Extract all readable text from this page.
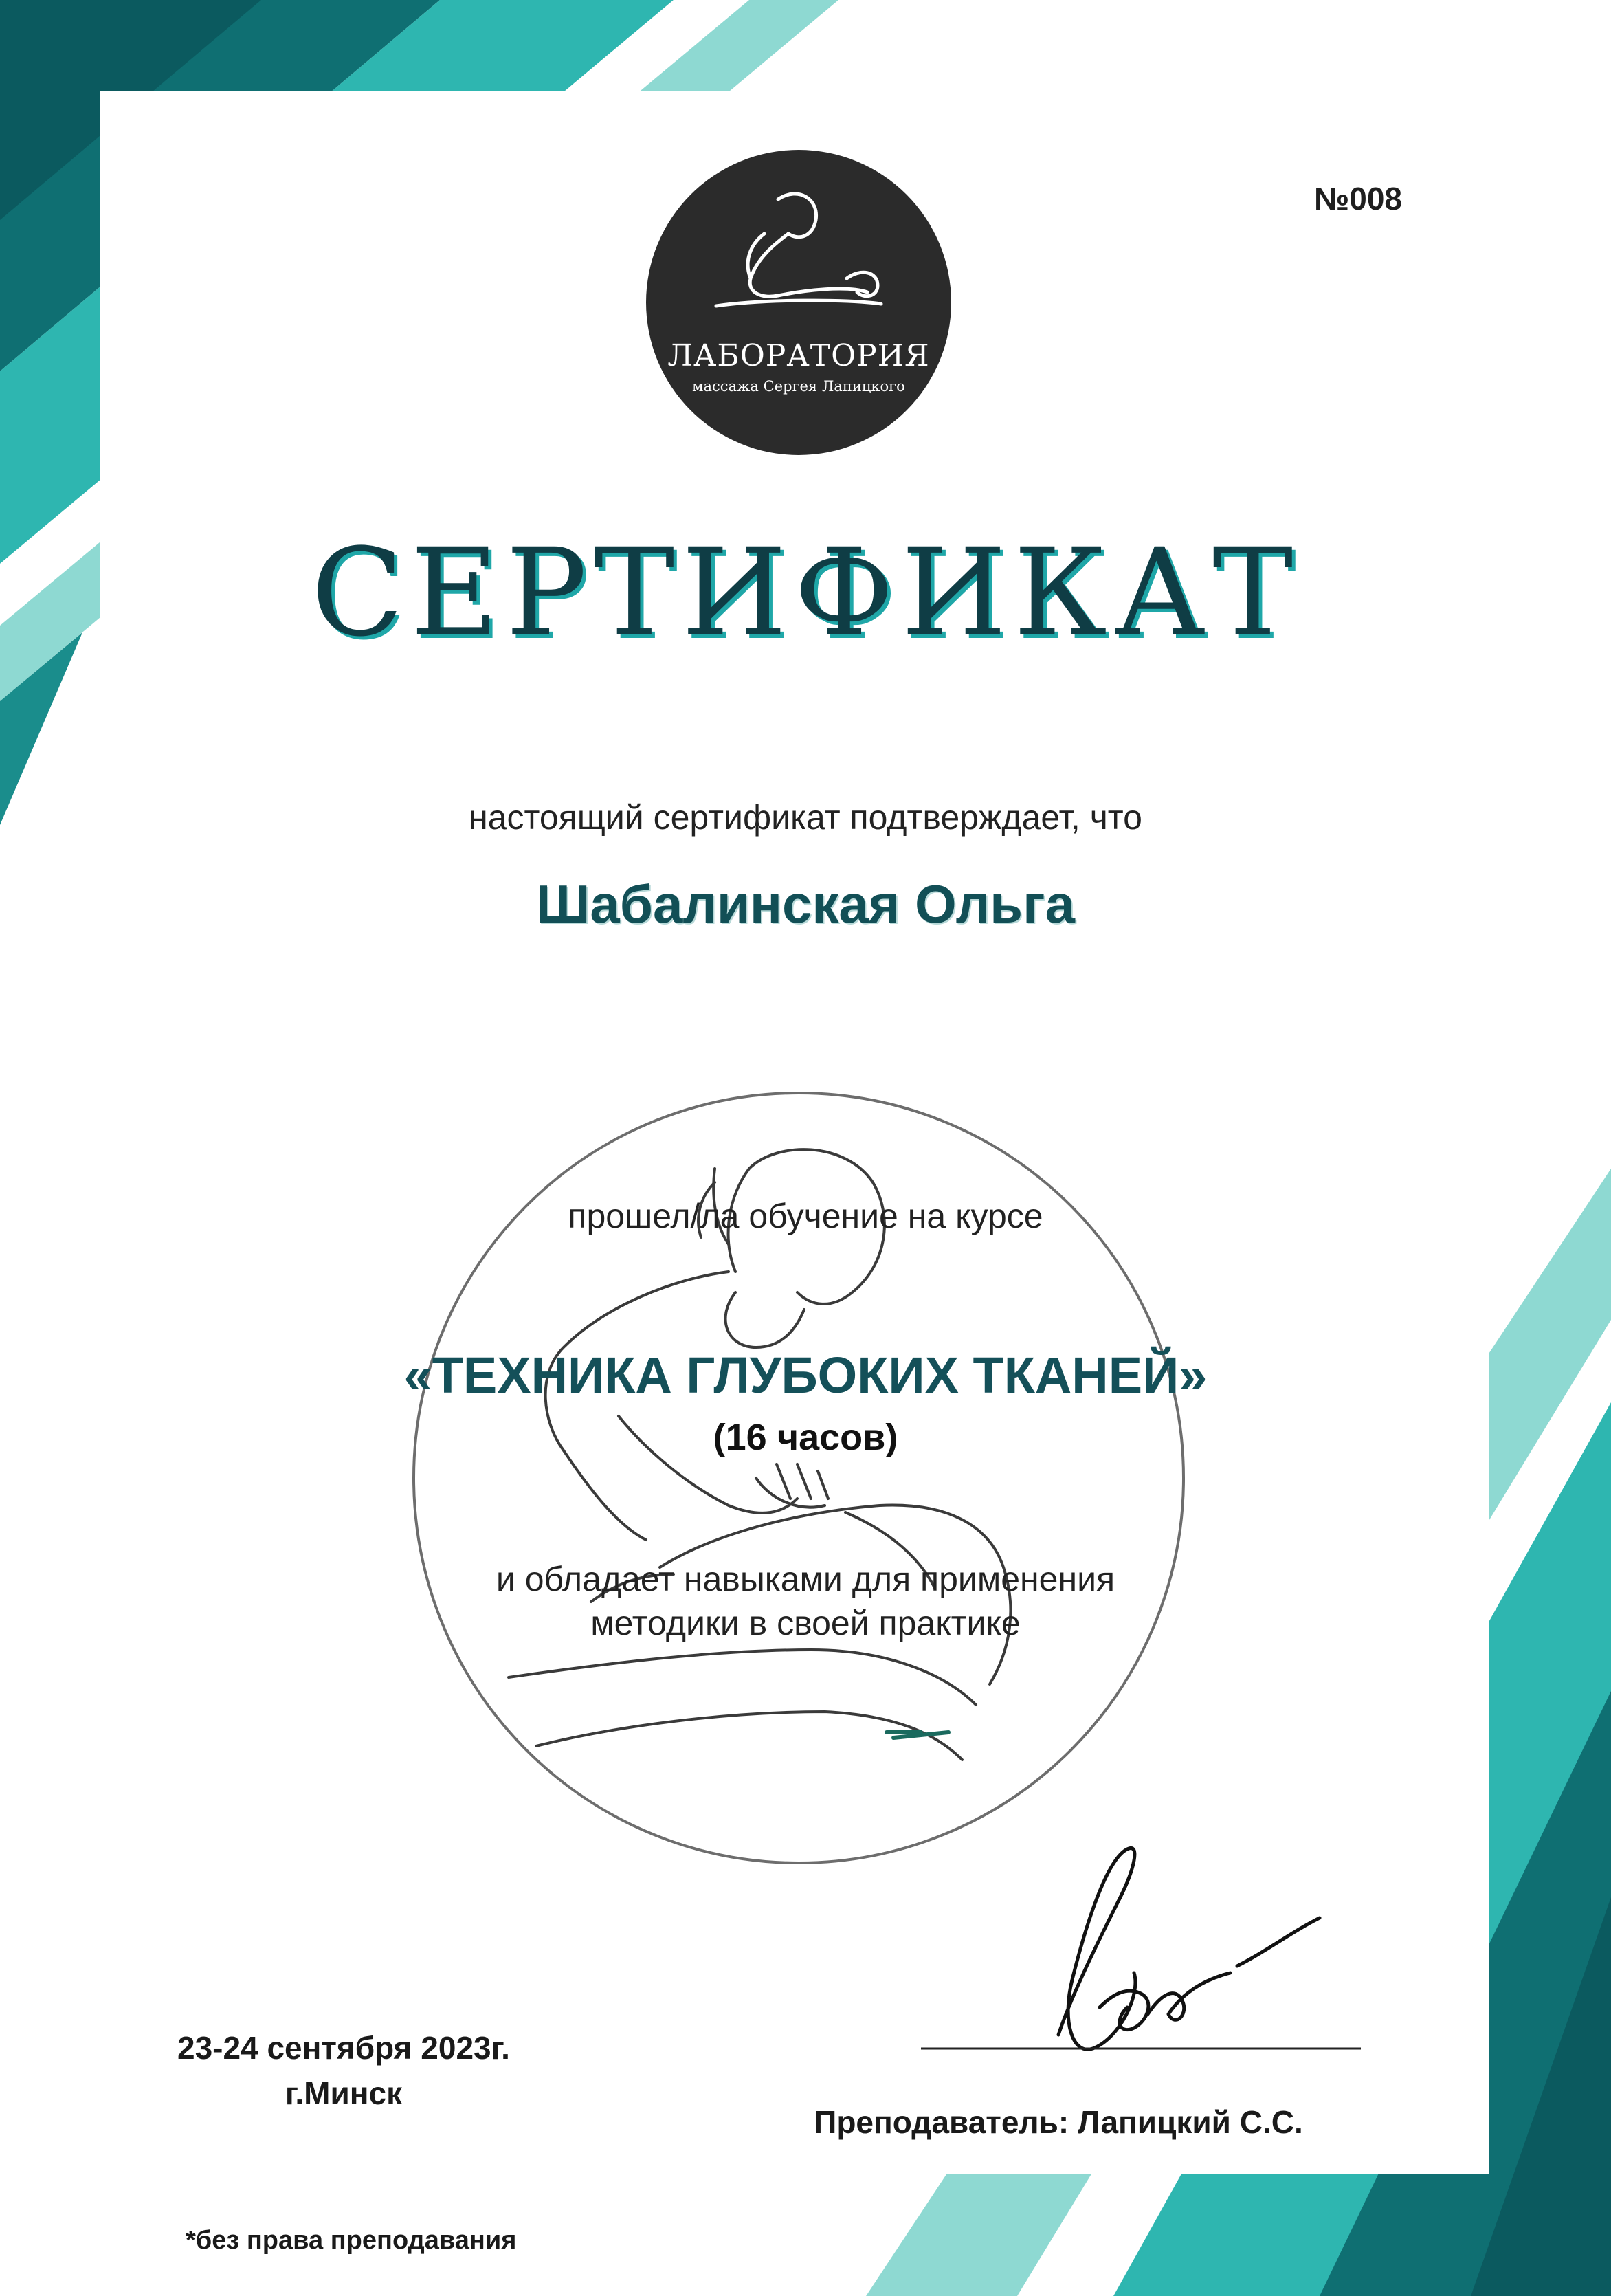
ЛАБОРАТОРИЯ
массажа Сергея Лапицкого
№008
СЕРТИФИКАТ
настоящий сертификат подтверждает, что
Шабалинская Ольга
прошел/ла обучение на курсе
«ТЕХНИКА ГЛУБОКИХ ТКАНЕЙ»
(16 часов)
и обладает навыками для применения
методики в своей практике
23-24 сентября 2023г.
г.Минск
Преподаватель: Лапицкий С.С.
*без права преподавания
